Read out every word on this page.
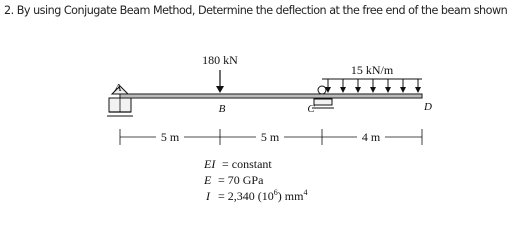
2. By using Conjugate Beam Method, Determine the deflection at the free end of the beam shown
180 kN
15 kN/m
A
B	C	D
5 m	5 m	4 m
EI = constant
E = 70 GPa
I = 2,340 $(10^6)$ $mm^4$
